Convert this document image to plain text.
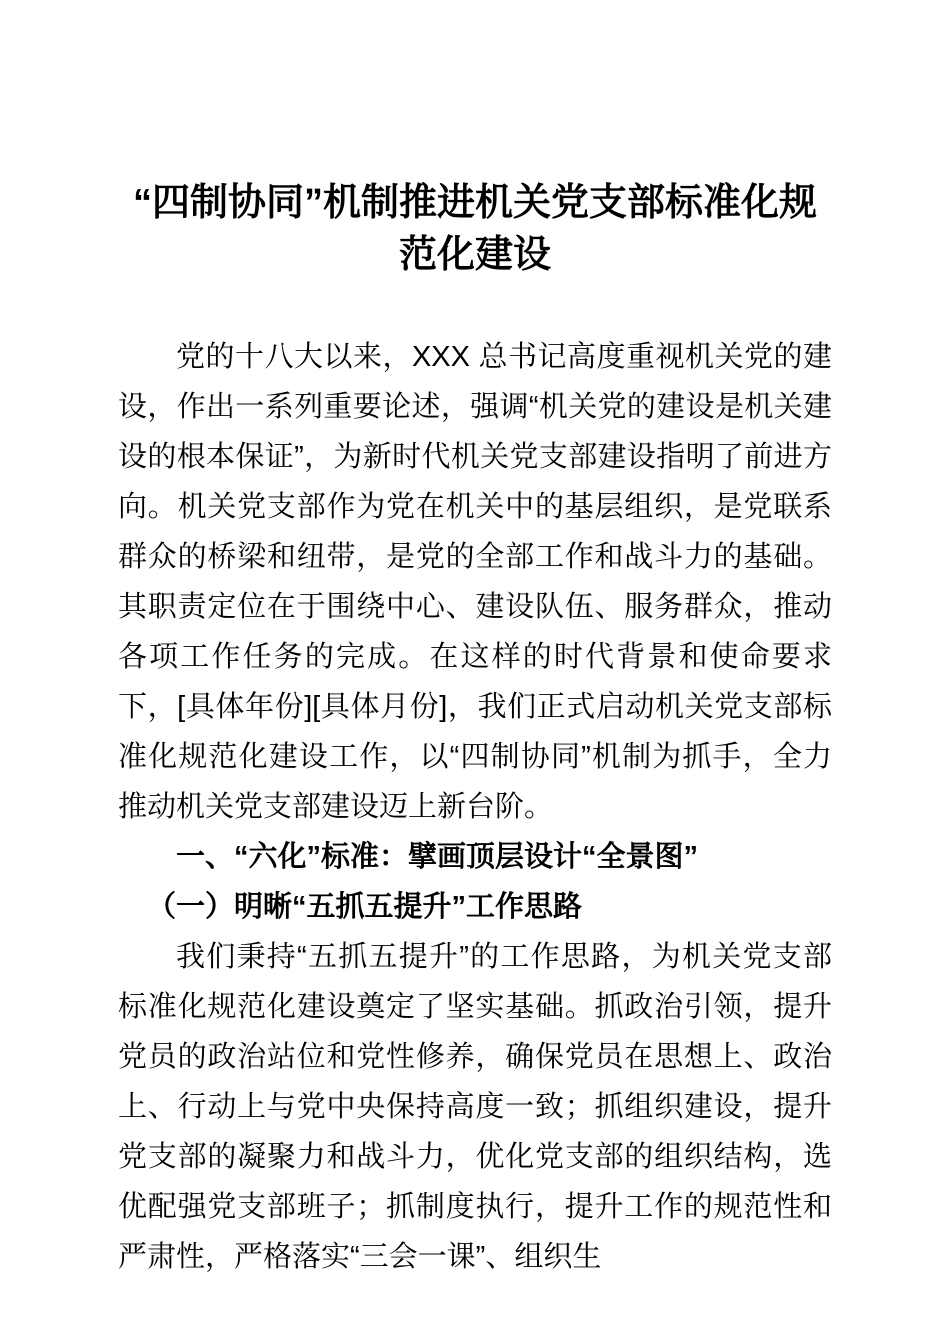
“四制协同”机制推进机关党支部标准化规范化建设

党的十八大以来，XXX 总书记高度重视机关党的建设，作出一系列重要论述，强调“机关党的建设是机关建设的根本保证”，为新时代机关党支部建设指明了前进方向。机关党支部作为党在机关中的基层组织，是党联系群众的桥梁和纽带，是党的全部工作和战斗力的基础。其职责定位在于围绕中心、建设队伍、服务群众，推动各项工作任务的完成。在这样的时代背景和使命要求下，[具体年份][具体月份]，我们正式启动机关党支部标准化规范化建设工作，以“四制协同”机制为抓手，全力推动机关党支部建设迈上新台阶。

一、“六化”标准：擘画顶层设计“全景图”
（一）明晰“五抓五提升”工作思路

我们秉持“五抓五提升”的工作思路，为机关党支部标准化规范化建设奠定了坚实基础。抓政治引领，提升党员的政治站位和党性修养，确保党员在思想上、政治上、行动上与党中央保持高度一致；抓组织建设，提升党支部的凝聚力和战斗力，优化党支部的组织结构，选优配强党支部班子；抓制度执行，提升工作的规范性和严肃性，严格落实“三会一课”、组织生
